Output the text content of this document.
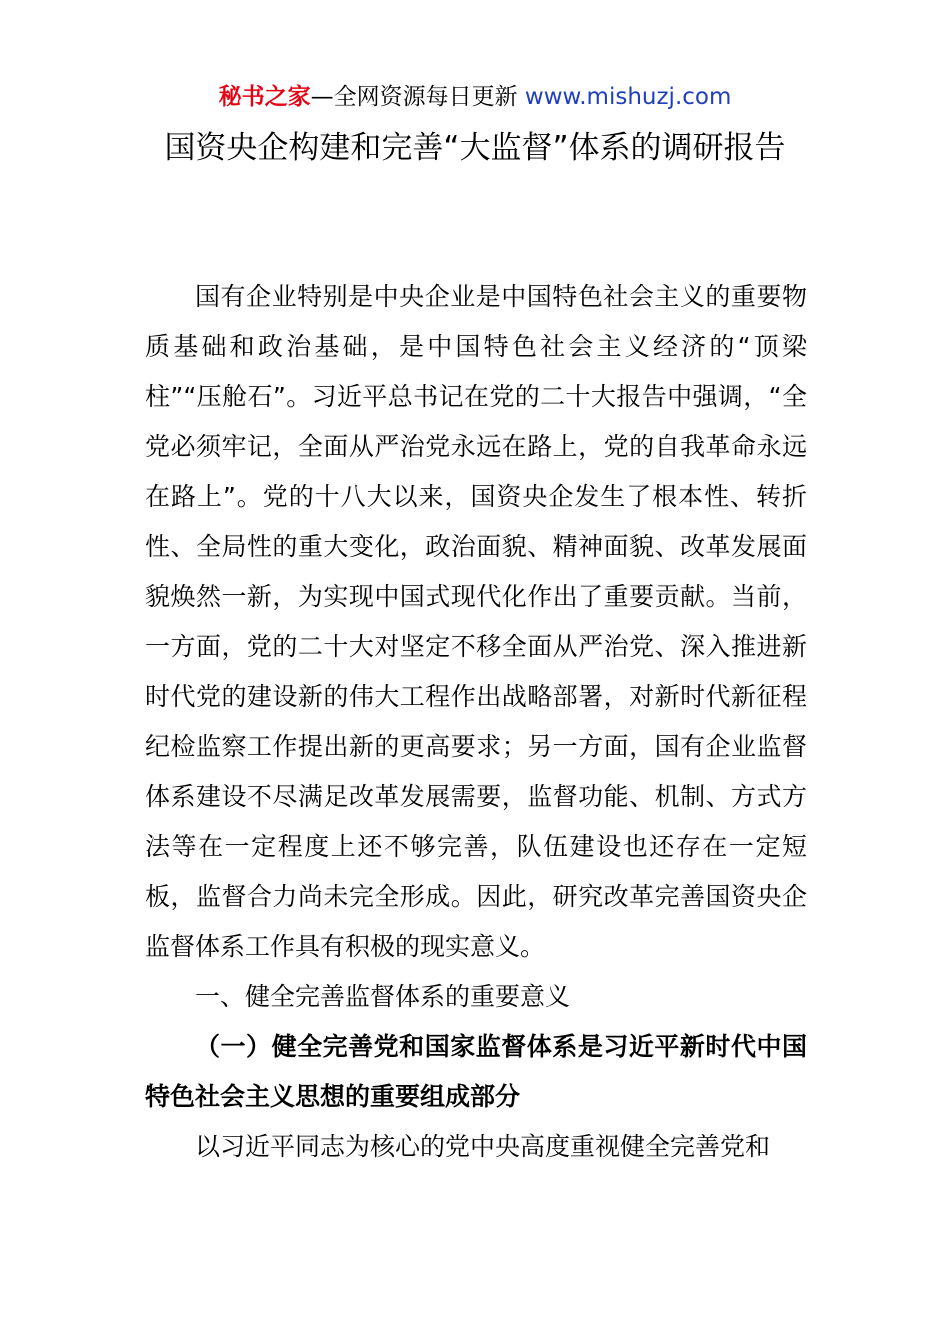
秘书之家—全网资源每日更新 www.mishuzj.com
国资央企构建和完善“大监督”体系的调研报告

国有企业特别是中央企业是中国特色社会主义的重要物质基础和政治基础，是中国特色社会主义经济的“顶梁柱”“压舱石”。习近平总书记在党的二十大报告中强调，“全党必须牢记，全面从严治党永远在路上，党的自我革命永远在路上”。党的十八大以来，国资央企发生了根本性、转折性、全局性的重大变化，政治面貌、精神面貌、改革发展面貌焕然一新，为实现中国式现代化作出了重要贡献。当前，一方面，党的二十大对坚定不移全面从严治党、深入推进新时代党的建设新的伟大工程作出战略部署，对新时代新征程纪检监察工作提出新的更高要求；另一方面，国有企业监督体系建设不尽满足改革发展需要，监督功能、机制、方式方法等在一定程度上还不够完善，队伍建设也还存在一定短板，监督合力尚未完全形成。因此，研究改革完善国资央企监督体系工作具有积极的现实意义。

一、健全完善监督体系的重要意义

（一）健全完善党和国家监督体系是习近平新时代中国特色社会主义思想的重要组成部分

以习近平同志为核心的党中央高度重视健全完善党和
